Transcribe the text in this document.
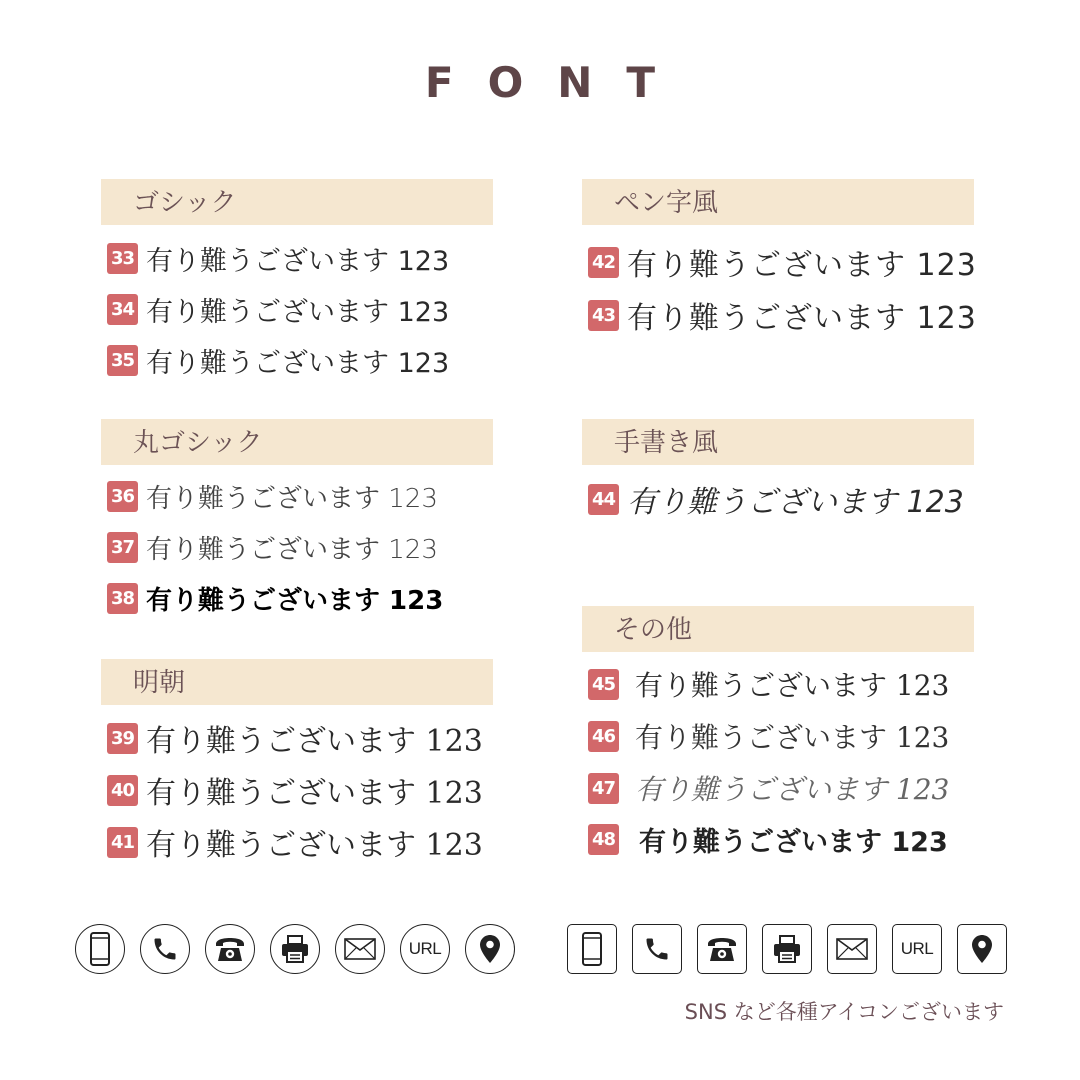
FONT
ゴシック
33 有り難うございます 123
34 有り難うございます 123
35 有り難うございます 123
丸ゴシック
36 有り難うございます 123
37 有り難うございます 123
38 有り難うございます 123
明朝
39 有り難うございます 123
40 有り難うございます 123
41 有り難うございます 123
ペン字風
42 有り難うございます 123
43 有り難うございます 123
手書き風
44 有り難うございます 123
その他
45 有り難うございます 123
46 有り難うございます 123
47 有り難うございます 123
48 有り難うございます 123
URL	URL
SNS など各種アイコンございます
